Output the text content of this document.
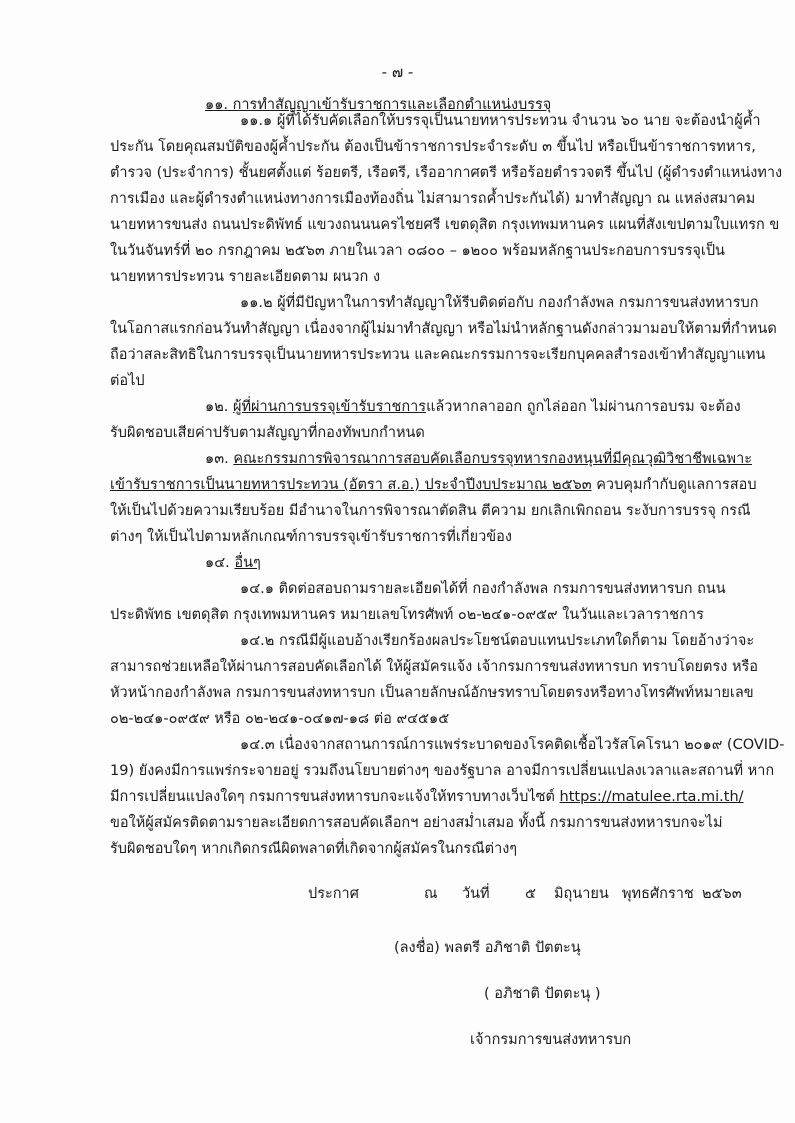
- ๗ -
๑๑. การทำสัญญาเข้ารับราชการและเลือกตำแหน่งบรรจุ
๑๑.๑ ผู้ที่ได้รับคัดเลือกให้บรรจุเป็นนายทหารประทวน จำนวน ๖๐ นาย จะต้องนำผู้ค้ำ
ประกัน โดยคุณสมบัติของผู้ค้ำประกัน ต้องเป็นข้าราชการประจำระดับ ๓ ขึ้นไป หรือเป็นข้าราชการทหาร,
ตำรวจ (ประจำการ) ชั้นยศตั้งแต่ ร้อยตรี, เรือตรี, เรืออากาศตรี หรือร้อยตำรวจตรี ขึ้นไป (ผู้ดำรงตำแหน่งทาง
การเมือง และผู้ดำรงตำแหน่งทางการเมืองท้องถิ่น ไม่สามารถค้ำประกันได้) มาทำสัญญา ณ แหล่งสมาคม
นายทหารขนส่ง ถนนประดิพัทธ์ แขวงถนนนครไชยศรี เขตดุสิต กรุงเทพมหานคร แผนที่สังเขปตามใบแทรก ข
ในวันจันทร์ที่ ๒๐ กรกฎาคม ๒๕๖๓ ภายในเวลา ๐๘๐๐ – ๑๒๐๐ พร้อมหลักฐานประกอบการบรรจุเป็น
นายทหารประทวน รายละเอียดตาม ผนวก ง
๑๑.๒ ผู้ที่มีปัญหาในการทำสัญญาให้รีบติดต่อกับ กองกำลังพล กรมการขนส่งทหารบก
ในโอกาสแรกก่อนวันทำสัญญา เนื่องจากผู้ไม่มาทำสัญญา หรือไม่นำหลักฐานดังกล่าวมามอบให้ตามที่กำหนด
ถือว่าสละสิทธิในการบรรจุเป็นนายทหารประทวน และคณะกรรมการจะเรียกบุคคลสำรองเข้าทำสัญญาแทน
ต่อไป
๑๒. ผู้ที่ผ่านการบรรจุเข้ารับราชการแล้วหากลาออก ถูกไล่ออก ไม่ผ่านการอบรม จะต้อง
รับผิดชอบเสียค่าปรับตามสัญญาที่กองทัพบกกำหนด
๑๓. คณะกรรมการพิจารณาการสอบคัดเลือกบรรจุทหารกองหนุนที่มีคุณวุฒิวิชาชีพเฉพาะ
เข้ารับราชการเป็นนายทหารประทวน (อัตรา ส.อ.) ประจำปีงบประมาณ ๒๕๖๓ ควบคุมกำกับดูแลการสอบ
ให้เป็นไปด้วยความเรียบร้อย มีอำนาจในการพิจารณาตัดสิน ตีความ ยกเลิกเพิกถอน ระงับการบรรจุ กรณี
ต่างๆ ให้เป็นไปตามหลักเกณฑ์การบรรจุเข้ารับราชการที่เกี่ยวข้อง
๑๔. อื่นๆ
๑๔.๑ ติดต่อสอบถามรายละเอียดได้ที่ กองกำลังพล กรมการขนส่งทหารบก ถนน
ประดิพัทธ เขตดุสิต กรุงเทพมหานคร หมายเลขโทรศัพท์ ๐๒-๒๔๑-๐๙๕๙ ในวันและเวลาราชการ
๑๔.๒ กรณีมีผู้แอบอ้างเรียกร้องผลประโยชน์ตอบแทนประเภทใดก็ตาม โดยอ้างว่าจะ
สามารถช่วยเหลือให้ผ่านการสอบคัดเลือกได้ ให้ผู้สมัครแจ้ง เจ้ากรมการขนส่งทหารบก ทราบโดยตรง หรือ
หัวหน้ากองกำลังพล กรมการขนส่งทหารบก เป็นลายลักษณ์อักษรทราบโดยตรงหรือทางโทรศัพท์หมายเลข
๐๒-๒๔๑-๐๙๕๙ หรือ ๐๒-๒๔๑-๐๔๑๗-๑๘ ต่อ ๙๔๕๑๕
๑๔.๓ เนื่องจากสถานการณ์การแพร่ระบาดของโรคติดเชื้อไวรัสโคโรนา ๒๐๑๙ (COVID-
19) ยังคงมีการแพร่กระจายอยู่ รวมถึงนโยบายต่างๆ ของรัฐบาล อาจมีการเปลี่ยนแปลงเวลาและสถานที่ หาก
มีการเปลี่ยนแปลงใดๆ กรมการขนส่งทหารบกจะแจ้งให้ทราบทางเว็บไซต์ https://matulee.rta.mi.th/
ขอให้ผู้สมัครติดตามรายละเอียดการสอบคัดเลือกฯ อย่างสม่ำเสมอ ทั้งนี้ กรมการขนส่งทหารบกจะไม่
รับผิดชอบใดๆ หากเกิดกรณีผิดพลาดที่เกิดจากผู้สมัครในกรณีต่างๆ
ประกาศ	ณ วันที่ ๕ มิถุนายน พุทธศักราช ๒๕๖๓
(ลงชื่อ) พลตรี อภิชาติ ปัตตะนุ
( อภิชาติ ปัตตะนุ )
เจ้ากรมการขนส่งทหารบก
